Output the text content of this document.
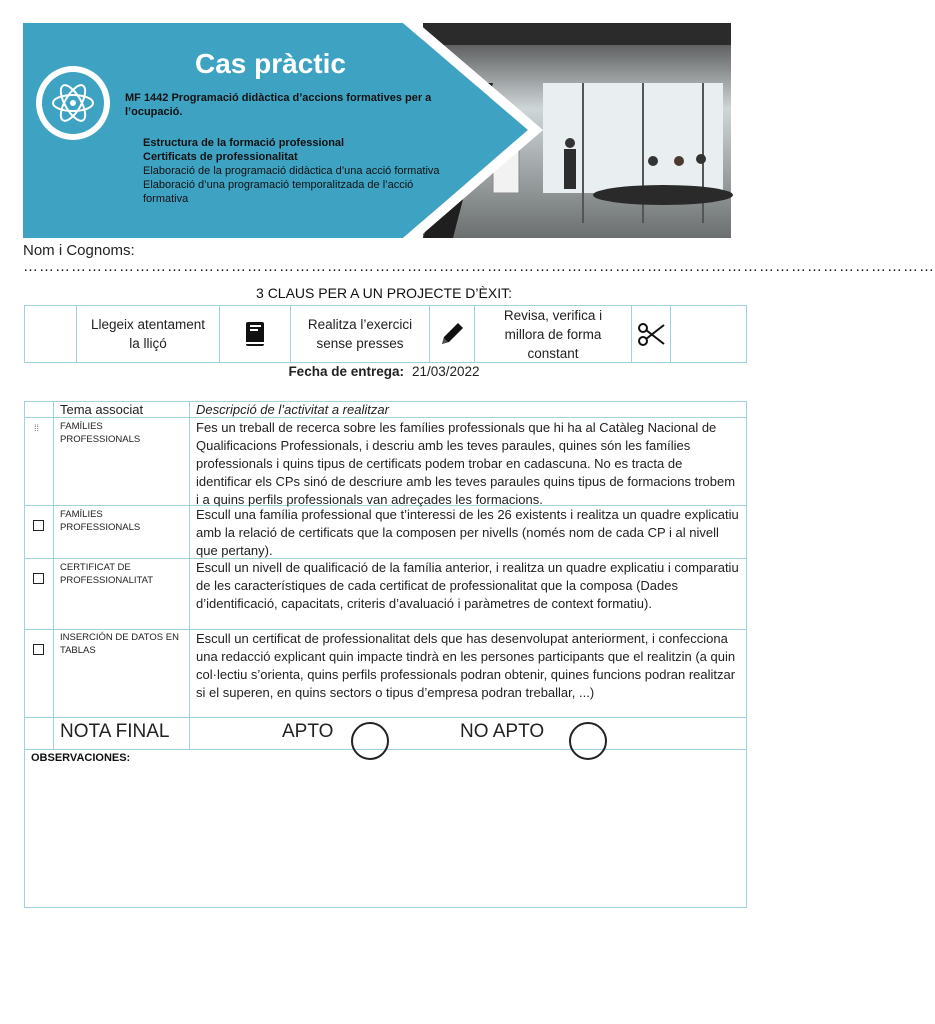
Cas pràctic
MF 1442 Programació didàctica d’accions formatives per a l’ocupació.
Estructura de la formació professional
Certificats de professionalitat
Elaboració de la programació didàctica d’una acció formativa
Elaboració d’una programació temporalitzada de l’acció formativa
Nom i Cognoms:
………………………………………………………………………………………………………………………………………………………
3 CLAUS PER A UN PROJECTE D’ÈXIT:
Llegeix atentament la lliçó
Realitza l’exercici sense presses
Revisa, verifica i millora de forma constant
Fecha de entrega: 21/03/2022
Tema associat	Descripció de l’activitat a realitzar
⁞⁞ FAMÍLIES PROFESSIONALS
Fes un treball de recerca sobre les famílies professionals que hi ha al Catàleg Nacional de Qualificacions Professionals, i descriu amb les teves paraules, quines són les famílies professionals i quins tipus de certificats podem trobar en cadascuna. No es tracta de identificar els CPs sinó de descriure amb les teves paraules quins tipus de formacions trobem i a quins perfils professionals van adreçades les formacions.
FAMÍLIES PROFESSIONALS
Escull una família professional que t’interessi de les 26 existents i realitza un quadre explicatiu amb la relació de certificats que la composen per nivells (només nom de cada CP i al nivell que pertany).
CERTIFICAT DE PROFESSIONALITAT
Escull un nivell de qualificació de la família anterior, i realitza un quadre explicatiu i comparatiu de les característiques de cada certificat de professionalitat que la composa (Dades d’identificació, capacitats, criteris d’avaluació i paràmetres de context formatiu).
INSERCIÓN DE DATOS EN TABLAS
Escull un certificat de professionalitat dels que has desenvolupat anteriorment, i confecciona una redacció explicant quin impacte tindrà en les persones participants que el realitzin (a quin col·lectiu s’orienta, quins perfils professionals podran obtenir, quines funcions podran realitzar si el superen, en quins sectors o tipus d’empresa podran treballar, ...)
NOTA FINAL	APTO	NO APTO
OBSERVACIONES:
